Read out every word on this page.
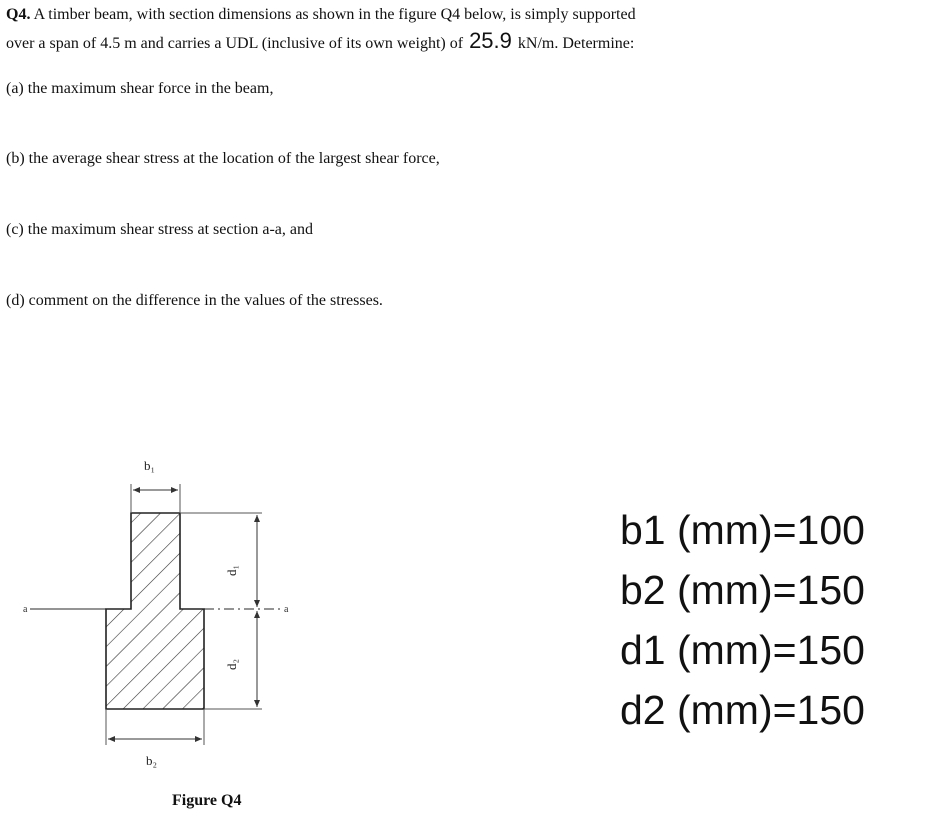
Q4. A timber beam, with section dimensions as shown in the figure Q4 below, is simply supported
over a span of 4.5 m and carries a UDL (inclusive of its own weight) of 25.9 kN/m. Determine:
(a) the maximum shear force in the beam,
(b) the average shear stress at the location of the largest shear force,
(c) the maximum shear stress at section a-a, and
(d) comment on the difference in the values of the stresses.
a	a
b₁
b₂
d₁
d₂
Figure Q4
b1 (mm)=100
b2 (mm)=150
d1 (mm)=150
d2 (mm)=150
